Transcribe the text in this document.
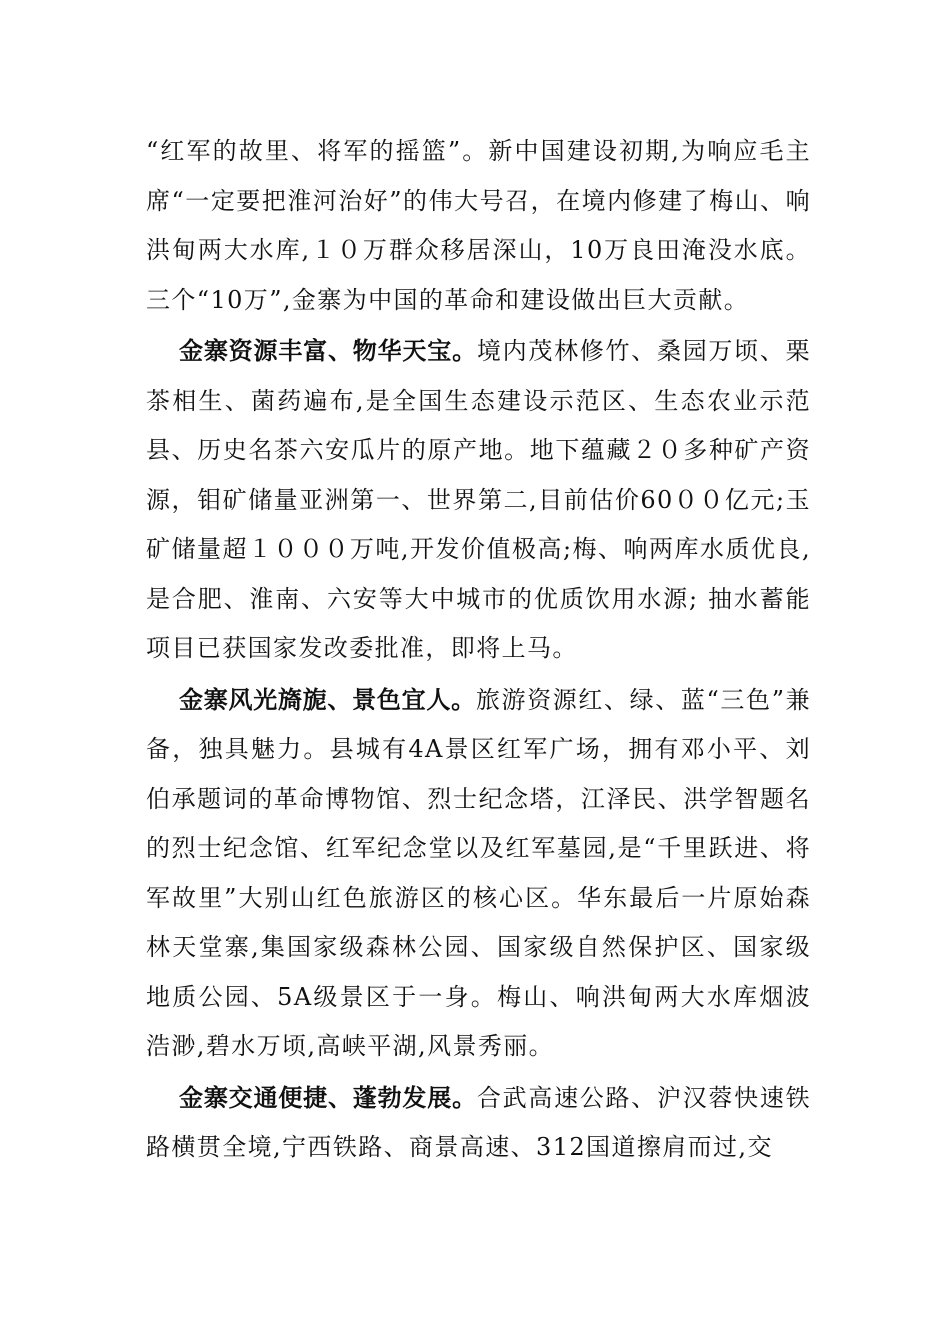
“红军的故里、将军的摇篮”。新中国建设初期,为响应毛主席“一定要把淮河治好”的伟大号召，在境内修建了梅山、响洪甸两大水库,１０万群众移居深山，10万良田淹没水底。三个“10万”,金寨为中国的革命和建设做出巨大贡献。

金寨资源丰富、物华天宝。境内茂林修竹、桑园万顷、栗茶相生、菌药遍布,是全国生态建设示范区、生态农业示范县、历史名茶六安瓜片的原产地。地下蕴藏２０多种矿产资源，钼矿储量亚洲第一、世界第二,目前估价60００亿元;玉矿储量超１０００万吨,开发价值极高;梅、响两库水质优良,是合肥、淮南、六安等大中城市的优质饮用水源; 抽水蓄能项目已获国家发改委批准，即将上马。

金寨风光旖旎、景色宜人。旅游资源红、绿、蓝“三色”兼备，独具魅力。县城有4A景区红军广场，拥有邓小平、刘伯承题词的革命博物馆、烈士纪念塔，江泽民、洪学智题名的烈士纪念馆、红军纪念堂以及红军墓园,是“千里跃进、将军故里”大别山红色旅游区的核心区。华东最后一片原始森林天堂寨,集国家级森林公园、国家级自然保护区、国家级地质公园、5A级景区于一身。梅山、响洪甸两大水库烟波浩渺,碧水万顷,高峡平湖,风景秀丽。

金寨交通便捷、蓬勃发展。合武高速公路、沪汉蓉快速铁路横贯全境,宁西铁路、商景高速、312国道擦肩而过,交
